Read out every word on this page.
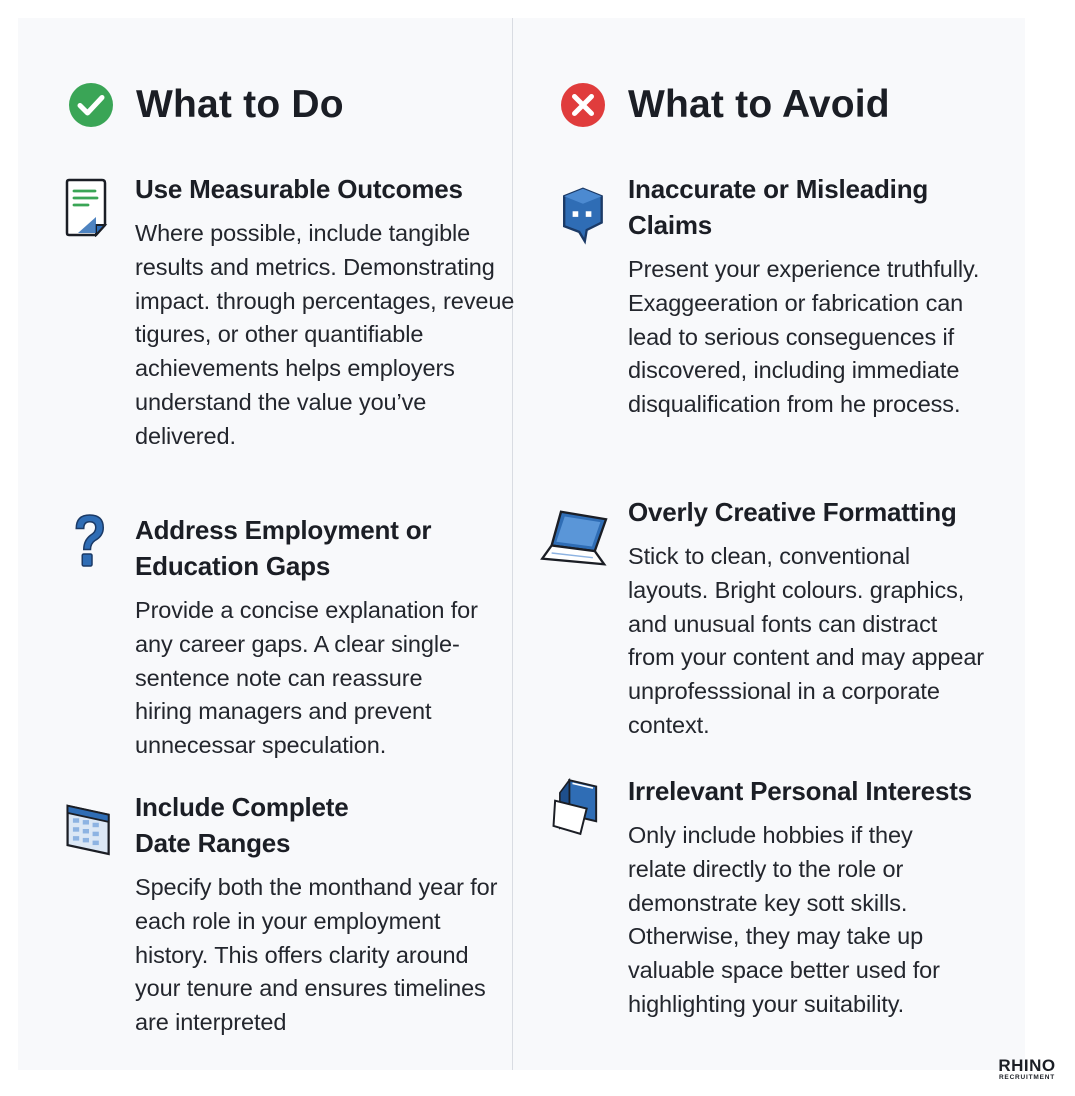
What to Do
Use Measurable Outcomes

Where possible, include tangible results and metrics. Demonstrating impact. through percentages, reveue tigures, or other quantifiable achievements helps employers understand the value you’ve delivered.

Address Employment or Education Gaps

Provide a concise explanation for any career gaps. A clear single-sentence note can reassure hiring managers and prevent unnecessar speculation.

Include Complete Date Ranges

Specify both the monthand year for each role in your employment history. This offers clarity around your tenure and ensures timelines are interpreted

What to Avoid
Inaccurate or Misleading Claims

Present your experience truthfully. Exaggeeration or fabrication can lead to serious conseguences if discovered, including immediate disqualification from he process.

Overly Creative Formatting

Stick to clean, conventional layouts. Bright colours. graphics, and unusual fonts can distract from your content and may appear unprofesssional in a corporate context.

Irrelevant Personal Interests

Only include hobbies if they relate directly to the role or demonstrate key sott skills. Otherwise, they may take up valuable space better used for highlighting your suitability.

RHINO
RECRUITMENT
